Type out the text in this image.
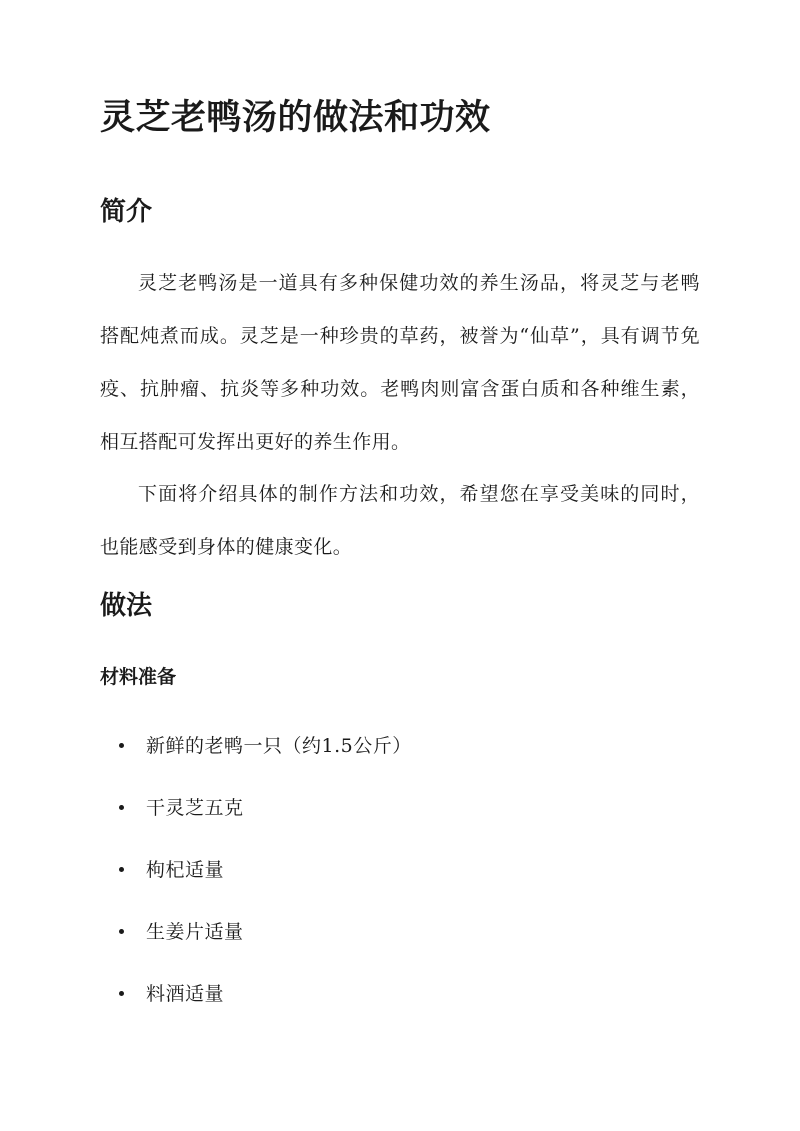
灵芝老鸭汤的做法和功效
简介

灵芝老鸭汤是一道具有多种保健功效的养生汤品，将灵芝与老鸭搭配炖煮而成。灵芝是一种珍贵的草药，被誉为“仙草”，具有调节免疫、抗肿瘤、抗炎等多种功效。老鸭肉则富含蛋白质和各种维生素，相互搭配可发挥出更好的养生作用。

下面将介绍具体的制作方法和功效，希望您在享受美味的同时，也能感受到身体的健康变化。

做法
材料准备
新鲜的老鸭一只（约1.5公斤）
干灵芝五克
枸杞适量
生姜片适量
料酒适量
